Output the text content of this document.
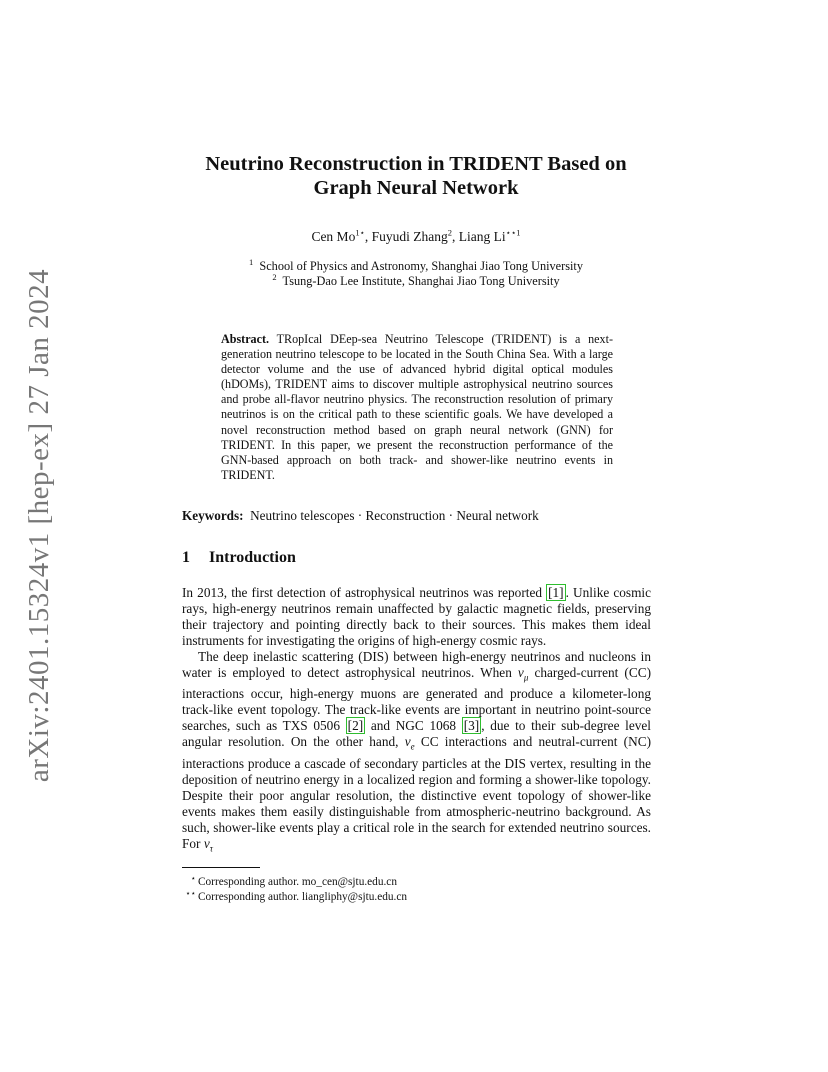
arXiv:2401.15324v1 [hep-ex] 27 Jan 2024
Neutrino Reconstruction in TRIDENT Based on
Graph Neural Network
Cen $Mo^{1⋆}$, Fuyudi Zhang$^2$, Liang $Li^{⋆⋆1}$
$^1$ School of Physics and Astronomy, Shanghai Jiao Tong University
$^2$ Tsung-Dao Lee Institute, Shanghai Jiao Tong University
Abstract. TRopIcal DEep-sea Neutrino Telescope (TRIDENT) is a next-generation neutrino telescope to be located in the South China Sea. With a large detector volume and the use of advanced hybrid digital optical modules (hDOMs), TRIDENT aims to discover multiple astrophysical neutrino sources and probe all-flavor neutrino physics. The reconstruction resolution of primary neutrinos is on the critical path to these scientific goals. We have developed a novel reconstruction method based on graph neural network (GNN) for TRIDENT. In this paper, we present the reconstruction performance of the GNN-based approach on both track- and shower-like neutrino events in TRIDENT.
Keywords: Neutrino telescopes · Reconstruction · Neural network
1 Introduction

In 2013, the first detection of astrophysical neutrinos was reported [1] . Unlike cosmic rays, high-energy neutrinos remain unaffected by galactic magnetic fields, preserving their trajectory and pointing directly back to their sources. This makes them ideal instruments for investigating the origins of high-energy cosmic rays.

The deep inelastic scattering (DIS) between high-energy neutrinos and nucleons in water is employed to detect astrophysical neutrinos. When $\nu_\mu$ charged-current (CC) interactions occur, high-energy muons are generated and produce a kilometer-long track-like event topology. The track-like events are important in neutrino point-source searches, such as TXS 0506 [2] and NGC 1068 [3] , due to their sub-degree level angular resolution. On the other hand, $\nu_e$ CC interactions and neutral-current (NC) interactions produce a cascade of secondary particles at the DIS vertex, resulting in the deposition of neutrino energy in a localized region and forming a shower-like topology. Despite their poor angular resolution, the distinctive event topology of shower-like events makes them easily distinguishable from atmospheric-neutrino background. As such, shower-like events play a critical role in the search for extended neutrino sources. For $\nu_\tau$

⋆ Corresponding author. mo_cen@sjtu.edu.cn
⋆⋆ Corresponding author. liangliphy@sjtu.edu.cn
